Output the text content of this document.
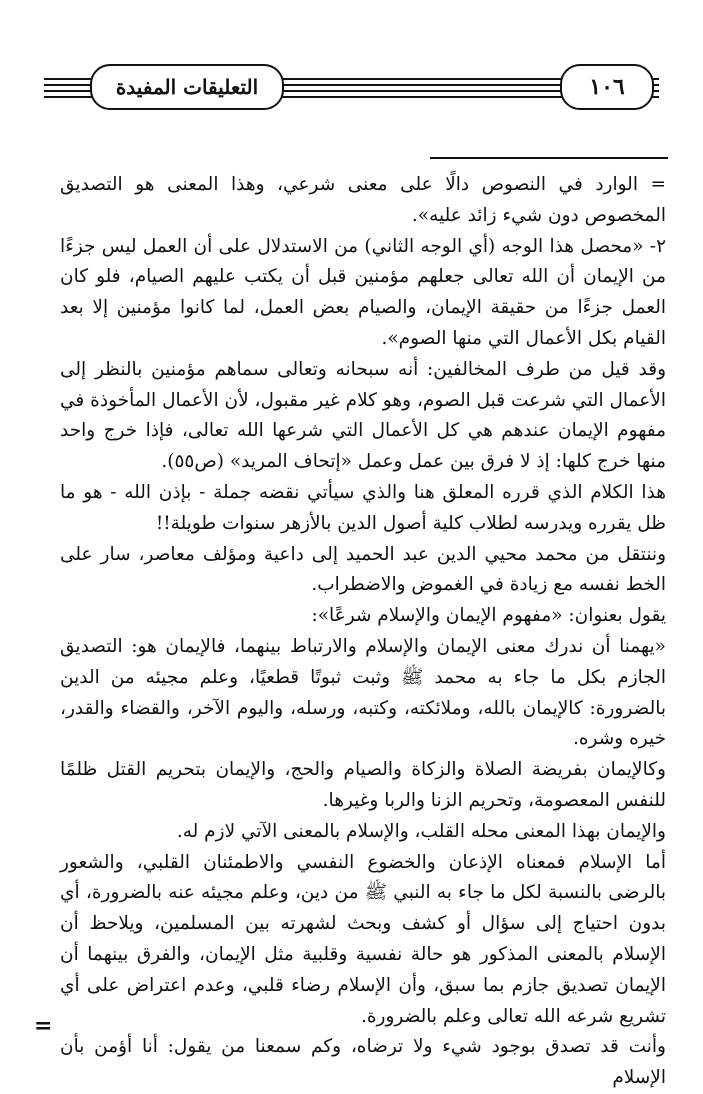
١٠٦
التعليقات المفيدة

= الوارد في النصوص دالًا على معنى شرعي، وهذا المعنى هو التصديق المخصوص دون شيء زائد عليه».

٢- «محصل هذا الوجه (أي الوجه الثاني) من الاستدلال على أن العمل ليس جزءًا من الإيمان أن الله تعالى جعلهم مؤمنين قبل أن يكتب عليهم الصيام، فلو كان العمل جزءًا من حقيقة الإيمان، والصيام بعض العمل، لما كانوا مؤمنين إلا بعد القيام بكل الأعمال التي منها الصوم».

وقد قيل من طرف المخالفين: أنه سبحانه وتعالى سماهم مؤمنين بالنظر إلى الأعمال التي شرعت قبل الصوم، وهو كلام غير مقبول، لأن الأعمال المأخوذة في مفهوم الإيمان عندهم هي كل الأعمال التي شرعها الله تعالى، فإذا خرج واحد منها خرج كلها: إذ لا فرق بين عمل وعمل «إتحاف المريد» (ص٥٥).

هذا الكلام الذي قرره المعلق هنا والذي سيأتي نقضه جملة - بإذن الله - هو ما ظل يقرره ويدرسه لطلاب كلية أصول الدين بالأزهر سنوات طويلة!!

وننتقل من محمد محيي الدين عبد الحميد إلى داعية ومؤلف معاصر، سار على الخط نفسه مع زيادة في الغموض والاضطراب.

يقول بعنوان: «مفهوم الإيمان والإسلام شرعًا»:

«يهمنا أن ندرك معنى الإيمان والإسلام والارتباط بينهما، فالإيمان هو: التصديق الجازم بكل ما جاء به محمد ﷺ وثبت ثبوتًا قطعيًا، وعلم مجيئه من الدين بالضرورة: كالإيمان بالله، وملائكته، وكتبه، ورسله، واليوم الآخر، والقضاء والقدر، خيره وشره.

وكالإيمان بفريضة الصلاة والزكاة والصيام والحج، والإيمان بتحريم القتل ظلمًا للنفس المعصومة، وتحريم الزنا والربا وغيرها.

والإيمان بهذا المعنى محله القلب، والإسلام بالمعنى الآتي لازم له.

أما الإسلام فمعناه الإذعان والخضوع النفسي والاطمئنان القلبي، والشعور بالرضى بالنسبة لكل ما جاء به النبي ﷺ من دين، وعلم مجيئه عنه بالضرورة، أي بدون احتياج إلى سؤال أو كشف وبحث لشهرته بين المسلمين، ويلاحظ أن الإسلام بالمعنى المذكور هو حالة نفسية وقلبية مثل الإيمان، والفرق بينهما أن الإيمان تصديق جازم بما سبق، وأن الإسلام رضاء قلبي، وعدم اعتراض على أي تشريع شرعه الله تعالى وعلم بالضرورة.

وأنت قد تصدق بوجود شيء ولا ترضاه، وكم سمعنا من يقول: أنا أؤمن بأن الإسلام

=
